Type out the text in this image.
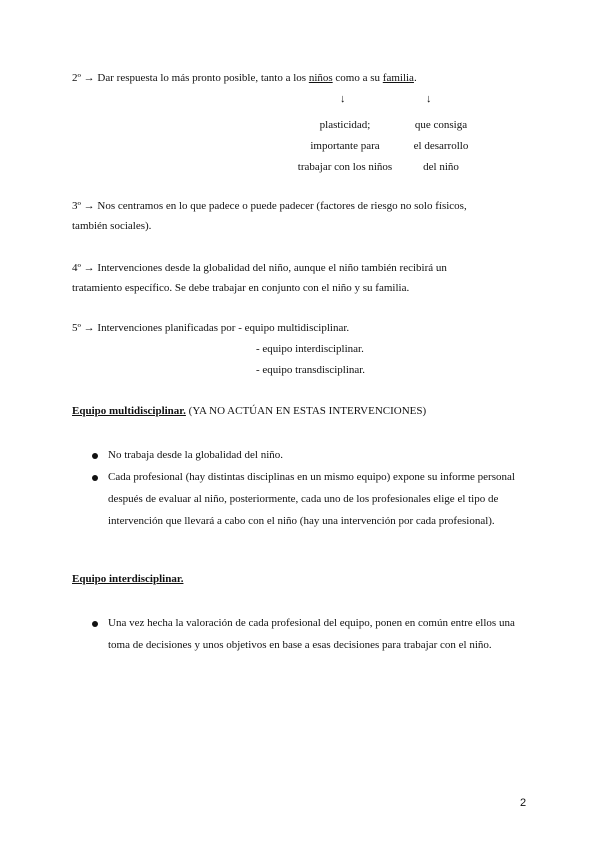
2º → Dar respuesta lo más pronto posible, tanto a los niños como a su familia.
↓	↓
plasticidad;
importante para
trabajar con los niños
que consiga
el desarrollo
del niño
3º → Nos centramos en lo que padece o puede padecer (factores de riesgo no solo físicos,
también sociales).
4º → Intervenciones desde la globalidad del niño, aunque el niño también recibirá un
tratamiento específico. Se debe trabajar en conjunto con el niño y su familia.
5º → Intervenciones planificadas por - equipo multidisciplinar.
- equipo interdisciplinar.
- equipo transdisciplinar.
Equipo multidisciplinar. (YA NO ACTÚAN EN ESTAS INTERVENCIONES)
No trabaja desde la globalidad del niño.
Cada profesional (hay distintas disciplinas en un mismo equipo) expone su informe personal después de evaluar al niño, posteriormente, cada uno de los profesionales elige el tipo de intervención que llevará a cabo con el niño (hay una intervención por cada profesional).
Equipo interdisciplinar.
Una vez hecha la valoración de cada profesional del equipo, ponen en común entre ellos una toma de decisiones y unos objetivos en base a esas decisiones para trabajar con el niño.
2
